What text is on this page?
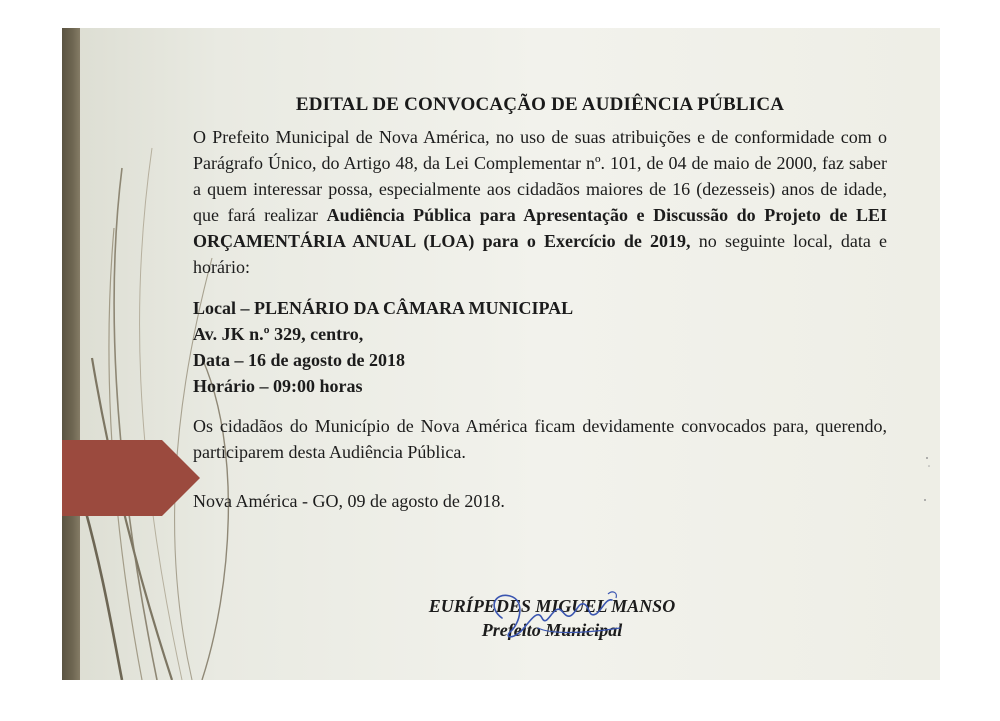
EDITAL DE CONVOCAÇÃO DE AUDIÊNCIA PÚBLICA

O Prefeito Municipal de Nova América, no uso de suas atribuições e de conformidade com o Parágrafo Único, do Artigo 48, da Lei Complementar nº. 101, de 04 de maio de 2000, faz saber a quem interessar possa, especialmente aos cidadãos maiores de 16 (dezesseis) anos de idade, que fará realizar Audiência Pública para Apresentação e Discussão do Projeto de LEI ORÇAMENTÁRIA ANUAL (LOA) para o Exercício de 2019, no seguinte local, data e horário:

Local – PLENÁRIO DA CÂMARA MUNICIPAL
Av. JK n.º 329, centro,
Data – 16 de agosto de 2018
Horário – 09:00 horas

Os cidadãos do Município de Nova América ficam devidamente convocados para, querendo, participarem desta Audiência Pública.

Nova América - GO, 09 de agosto de 2018.

EURÍPEDES MIGUEL MANSO
Prefeito Municipal
